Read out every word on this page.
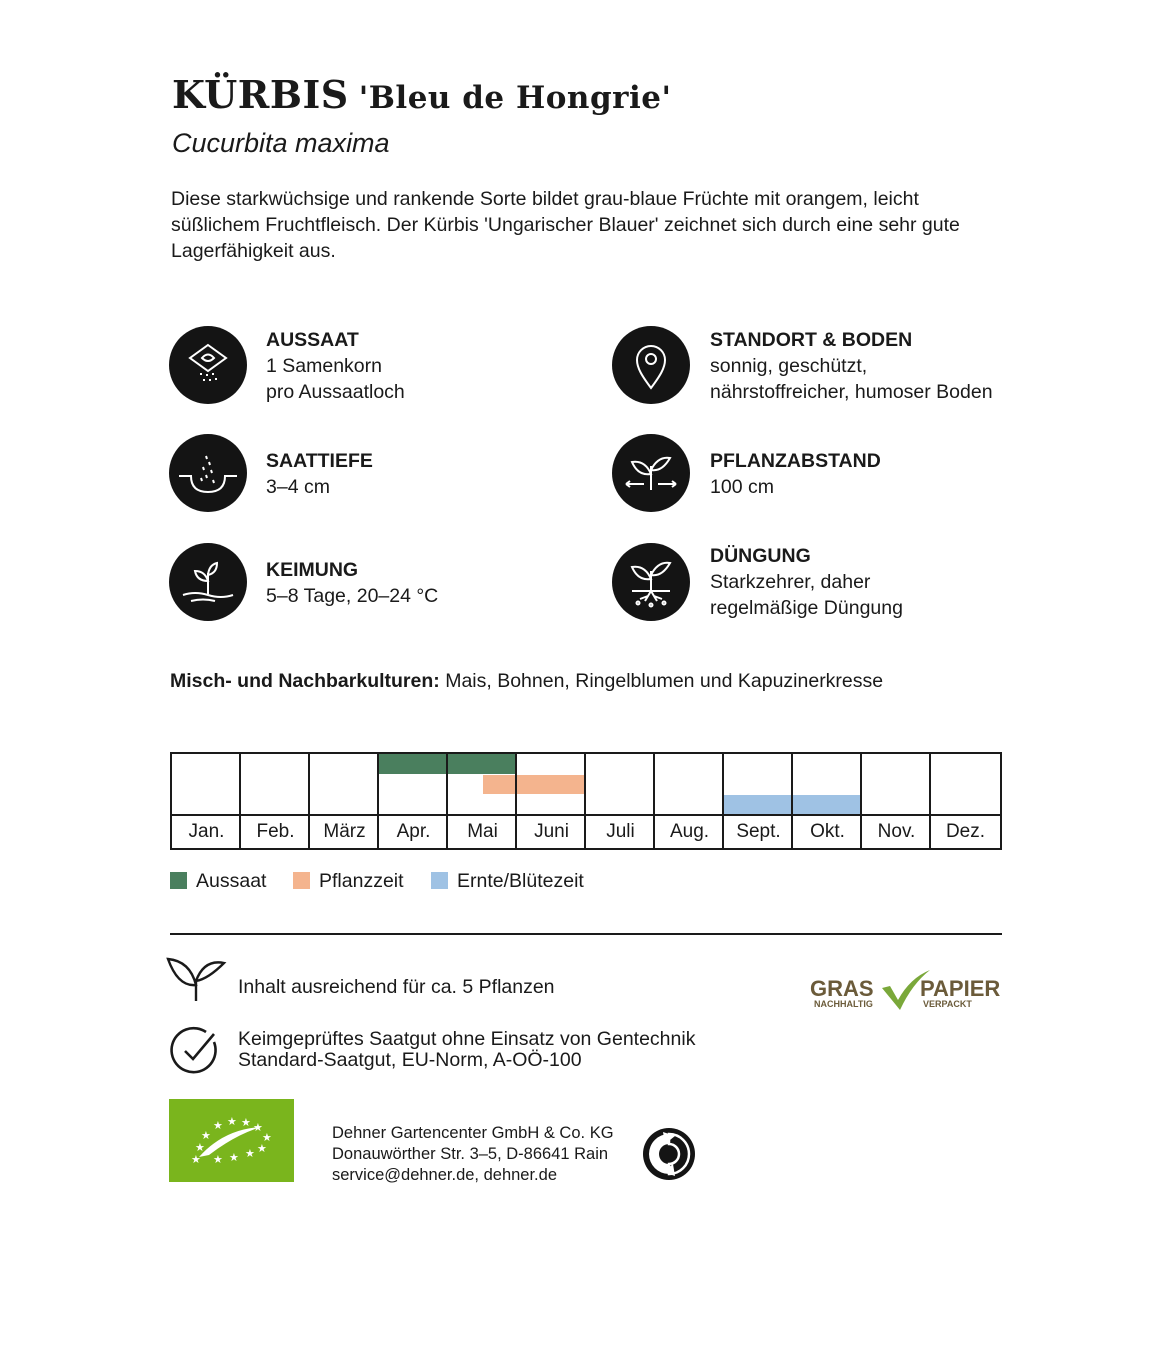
KÜRBIS 'Bleu de Hongrie'
Cucurbita maxima
Diese starkwüchsige und rankende Sorte bildet grau-blaue Früchte mit orangem, leicht süßlichem Fruchtfleisch. Der Kürbis 'Ungarischer Blauer' zeichnet sich durch eine sehr gute Lagerfähigkeit aus.
AUSSAAT
1 Samenkorn
pro Aussaatloch
STANDORT & BODEN
sonnig, geschützt,
nährstoffreicher, humoser Boden
SAATTIEFE
3–4 cm
PFLANZABSTAND
100 cm
KEIMUNG
5–8 Tage, 20–24 °C
DÜNGUNG
Starkzehrer, daher
regelmäßige Düngung
Misch- und Nachbarkulturen: Mais, Bohnen, Ringelblumen und Kapuzinerkresse
Jan.	Feb.	März	Apr.	Mai	Juni	Juli	Aug.	Sept.	Okt.	Nov.	Dez.
Aussaat	Pflanzzeit	Ernte/Blütezeit
Inhalt ausreichend für ca. 5 Pflanzen
Keimgeprüftes Saatgut ohne Einsatz von Gentechnik
Standard-Saatgut, EU-Norm, A-OÖ-100
GRAS
NACHHALTIG
PAPIER
VERPACKT
★ ★ ★ ★
★
★
★
★
★ ★ ★ ★
Dehner Gartencenter GmbH & Co. KG
Donauwörther Str. 3–5, D-86641 Rain
service@dehner.de, dehner.de
